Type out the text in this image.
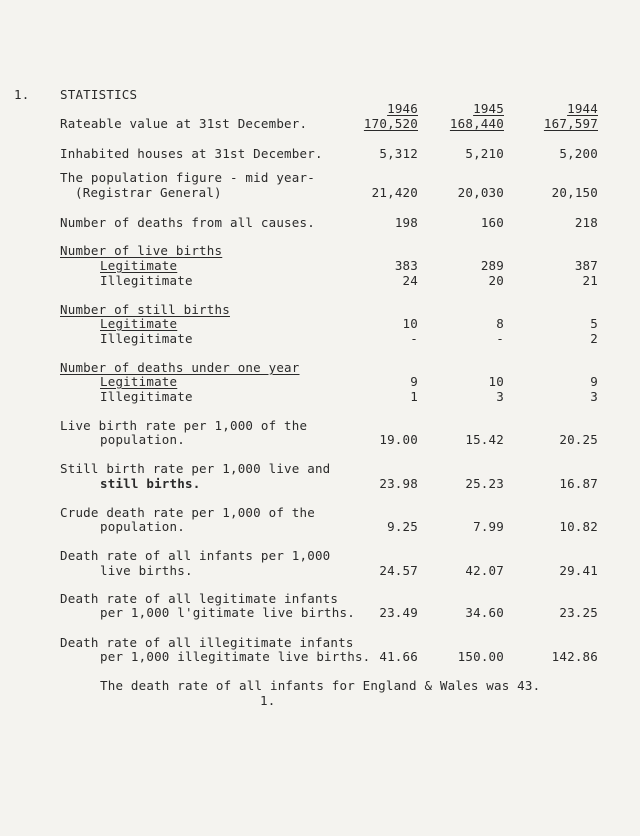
1. STATISTICS
1946	1945	1944
Rateable value at 31st December.	170,520	168,440	167,597
Inhabited houses at 31st December.	5,312	5,210	5,200
The population figure - mid year-
(Registrar General)	21,420	20,030	20,150
Number of deaths from all causes.	198	160	218
Number of live births
Legitimate	383	289	387
Illegitimate	24	20	21
Number of still births
Legitimate	10	8	5
Illegitimate	-	-	2
Number of deaths under one year
Legitimate	9	10	9
Illegitimate	1	3	3
Live birth rate per 1,000 of the
population.	19.00	15.42	20.25
Still birth rate per 1,000 live and
still births.	23.98	25.23	16.87
Crude death rate per 1,000 of the
population.	9.25	7.99	10.82
Death rate of all infants per 1,000
live births.	24.57	42.07	29.41
Death rate of all legitimate infants
per 1,000 l'gitimate live births.	23.49	34.60	23.25
Death rate of all illegitimate infants
per 1,000 illegitimate live births. 41.66	150.00	142.86
The death rate of all infants for England & Wales was 43.
1.
